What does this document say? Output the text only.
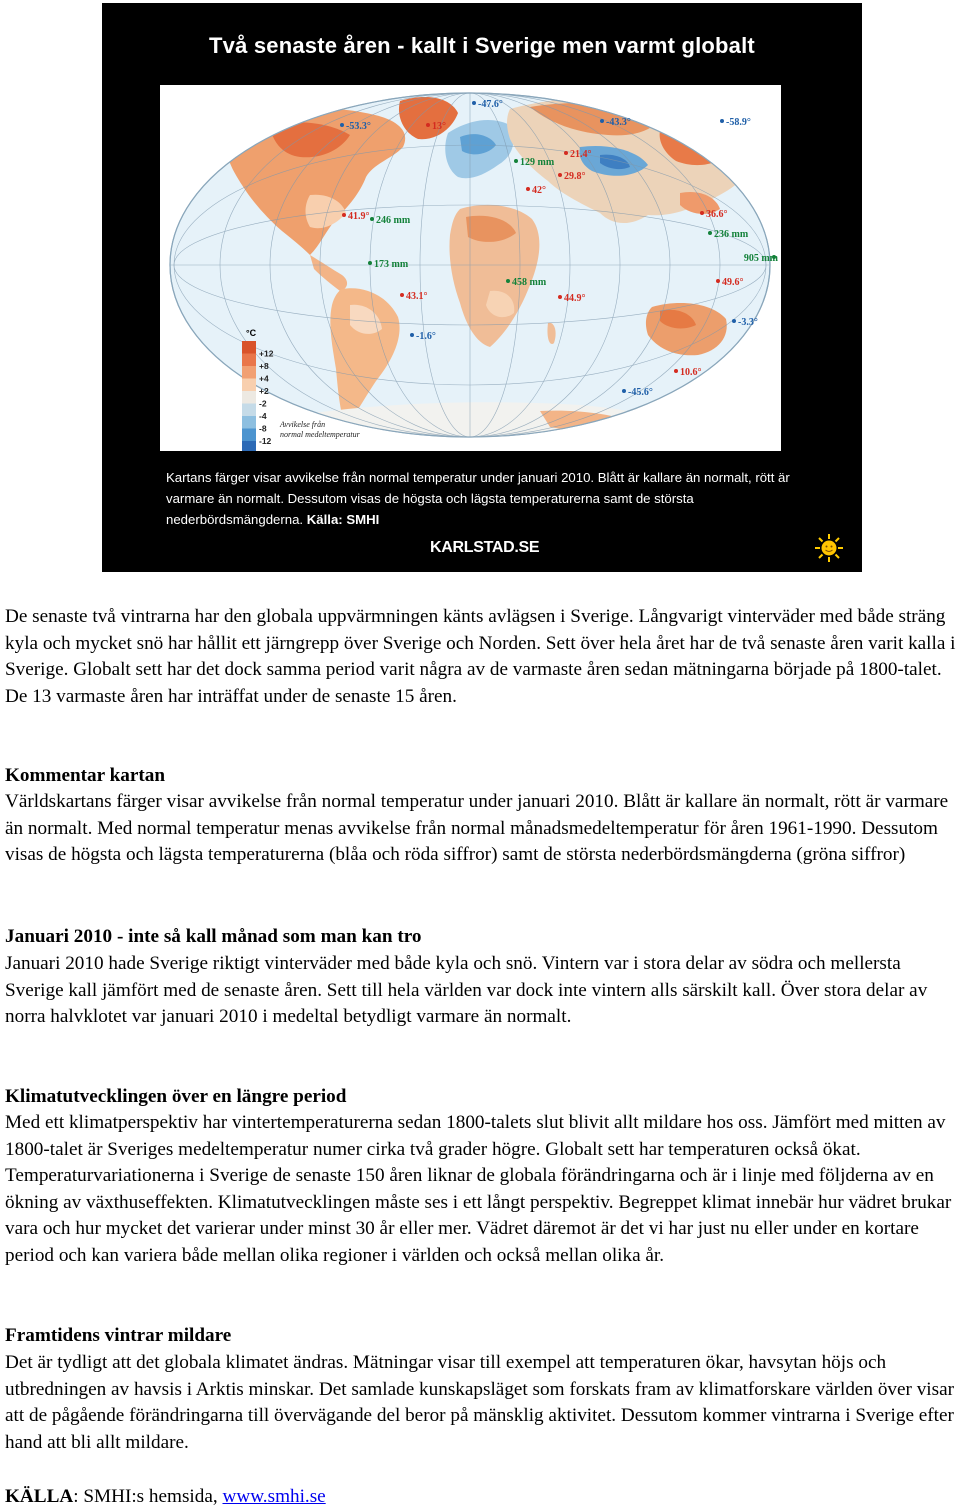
Två senaste åren - kallt i Sverige men varmt globalt
-47.6°
-53.3°	13°	-43.3°	-58.9°
21.4°
129 mm
29.8°
42°
41.9° 246 mm
36.6°
236 mm
173 mm
905 mm
458 mm
43.1°	44.9°
49.6°
-1.6°
-3.3°
10.6°
-45.6°
°C
+12
+8
+4
+2
-2
-4
-8
-12
Avvikelse från
normal medeltemperatur
Kartans färger visar avvikelse från normal temperatur under januari 2010. Blått är kallare än normalt, rött är varmare än normalt. Dessutom visas de högsta och lägsta temperaturerna samt de största nederbördsmängderna. Källa: SMHI
KARLSTAD.SE

De senaste två vintrarna har den globala uppvärmningen känts avlägsen i Sverige. Långvarigt vinterväder med både sträng kyla och mycket snö har hållit ett järngrepp över Sverige och Norden. Sett över hela året har de två senaste åren varit kalla i Sverige. Globalt sett har det dock samma period varit några av de varmaste åren sedan mätningarna började på 1800-talet. De 13 varmaste åren har inträffat under de senaste 15 åren.

Kommentar kartan

Världskartans färger visar avvikelse från normal temperatur under januari 2010. Blått är kallare än normalt, rött är varmare än normalt. Med normal temperatur menas avvikelse från normal månadsmedeltemperatur för åren 1961-1990. Dessutom visas de högsta och lägsta temperaturerna (blåa och röda siffror) samt de största nederbördsmängderna (gröna siffror)

Januari 2010 - inte så kall månad som man kan tro

Januari 2010 hade Sverige riktigt vinterväder med både kyla och snö. Vintern var i stora delar av södra och mellersta Sverige kall jämfört med de senaste åren. Sett till hela världen var dock inte vintern alls särskilt kall. Över stora delar av norra halvklotet var januari 2010 i medeltal betydligt varmare än normalt.

Klimatutvecklingen över en längre period

Med ett klimatperspektiv har vintertemperaturerna sedan 1800-talets slut blivit allt mildare hos oss. Jämfört med mitten av 1800-talet är Sveriges medeltemperatur numer cirka två grader högre. Globalt sett har temperaturen också ökat. Temperaturvariationerna i Sverige de senaste 150 åren liknar de globala förändringarna och är i linje med följderna av en ökning av växthuseffekten. Klimatutvecklingen måste ses i ett långt perspektiv. Begreppet klimat innebär hur vädret brukar vara och hur mycket det varierar under minst 30 år eller mer. Vädret däremot är det vi har just nu eller under en kortare period och kan variera både mellan olika regioner i världen och också mellan olika år.

Framtidens vintrar mildare

Det är tydligt att det globala klimatet ändras. Mätningar visar till exempel att temperaturen ökar, havsytan höjs och utbredningen av havsis i Arktis minskar. Det samlade kunskapsläget som forskats fram av klimatforskare världen över visar att de pågående förändringarna till övervägande del beror på mänsklig aktivitet. Dessutom kommer vintrarna i Sverige efter hand att bli allt mildare.

KÄLLA: SMHI:s hemsida, www.smhi.se
